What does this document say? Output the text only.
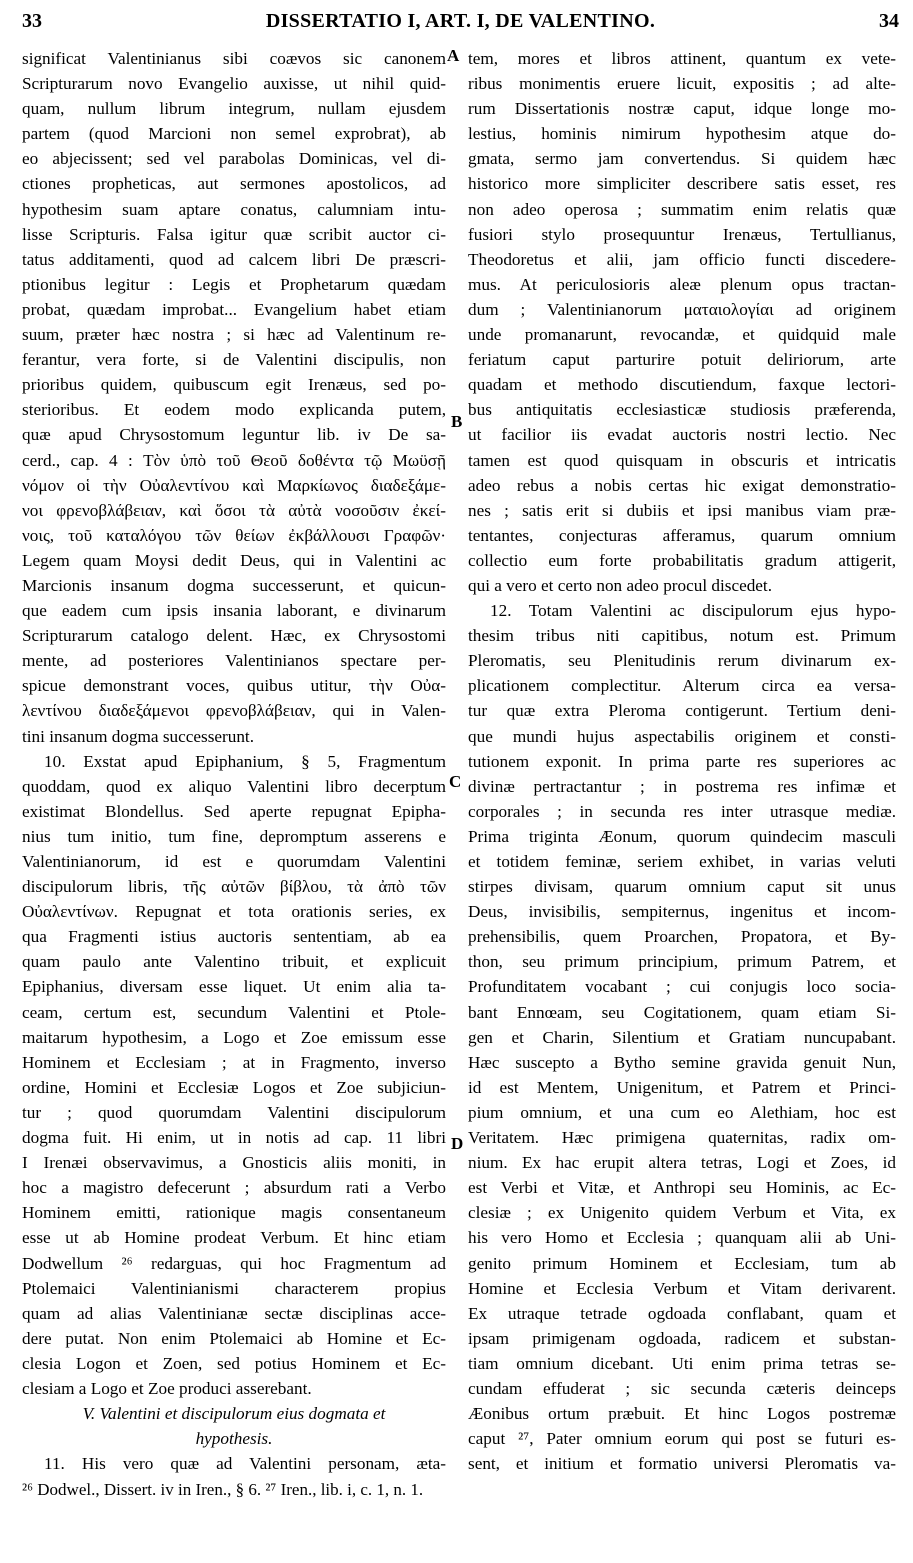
33	DISSERTATIO I, ART. I, DE VALENTINO.	34
significat Valentinianus sibi coævos sic canonem
Scripturarum novo Evangelio auxisse, ut nihil quid-
quam, nullum librum integrum, nullam ejusdem
partem (quod Marcioni non semel exprobrat), ab
eo abjecissent; sed vel parabolas Dominicas, vel di-
ctiones propheticas, aut sermones apostolicos, ad
hypothesim suam aptare conatus, calumniam intu-
lisse Scripturis. Falsa igitur quæ scribit auctor ci-
tatus additamenti, quod ad calcem libri De præscri-
ptionibus legitur : Legis et Prophetarum quædam
probat, quædam improbat... Evangelium habet etiam
suum, præter hæc nostra ; si hæc ad Valentinum re-
ferantur, vera forte, si de Valentini discipulis, non
prioribus quidem, quibuscum egit Irenæus, sed po-
sterioribus. Et eodem modo explicanda putem,
quæ apud Chrysostomum leguntur lib. iv De sa-
cerd., cap. 4 : Τὸν ὑπὸ τοῦ Θεοῦ δοθέντα τῷ Μωϋσῇ
νόμον οἱ τὴν Οὐαλεντίνου καὶ Μαρκίωνος διαδεξάμε-
νοι φρενοβλάβειαν, καὶ ὅσοι τὰ αὐτὰ νοσοῦσιν ἐκεί-
νοις, τοῦ καταλόγου τῶν θείων ἐκβάλλουσι Γραφῶν·
Legem quam Moysi dedit Deus, qui in Valentini ac
Marcionis insanum dogma successerunt, et quicun-
que eadem cum ipsis insania laborant, e divinarum
Scripturarum catalogo delent. Hæc, ex Chrysostomi
mente, ad posteriores Valentinianos spectare per-
spicue demonstrant voces, quibus utitur, τὴν Οὐα-
λεντίνου διαδεξάμενοι φρενοβλάβειαν, qui in Valen-
tini insanum dogma successerunt.
10. Exstat apud Epiphanium, § 5, Fragmentum
quoddam, quod ex aliquo Valentini libro decerptum
existimat Blondellus. Sed aperte repugnat Epipha-
nius tum initio, tum fine, depromptum asserens e
Valentinianorum, id est e quorumdam Valentini
discipulorum libris, τῆς αὐτῶν βίβλου, τὰ ἀπὸ τῶν
Οὐαλεντίνων. Repugnat et tota orationis series, ex
qua Fragmenti istius auctoris sententiam, ab ea
quam paulo ante Valentino tribuit, et explicuit
Epiphanius, diversam esse liquet. Ut enim alia ta-
ceam, certum est, secundum Valentini et Ptole-
maitarum hypothesim, a Logo et Zoe emissum esse
Hominem et Ecclesiam ; at in Fragmento, inverso
ordine, Homini et Ecclesiæ Logos et Zoe subjiciun-
tur ; quod quorumdam Valentini discipulorum
dogma fuit. Hi enim, ut in notis ad cap. 11 libri
I Irenæi observavimus, a Gnosticis aliis moniti, in
hoc a magistro defecerunt ; absurdum rati a Verbo
Hominem emitti, rationique magis consentaneum
esse ut ab Homine prodeat Verbum. Et hinc etiam
Dodwellum ²⁶ redarguas, qui hoc Fragmentum ad
Ptolemaici Valentinianismi characterem propius
quam ad alias Valentinianæ sectæ disciplinas acce-
dere putat. Non enim Ptolemaici ab Homine et Ec-
clesia Logon et Zoen, sed potius Hominem et Ec-
clesiam a Logo et Zoe produci asserebant.
V. Valentini et discipulorum eius dogmata et
hypothesis.
11. His vero quæ ad Valentini personam, æta-
tem, mores et libros attinent, quantum ex vete-
ribus monimentis eruere licuit, expositis ; ad alte-
rum Dissertationis nostræ caput, idque longe mo-
lestius, hominis nimirum hypothesim atque do-
gmata, sermo jam convertendus. Si quidem hæc
historico more simpliciter describere satis esset, res
non adeo operosa ; summatim enim relatis quæ
fusiori stylo prosequuntur Irenæus, Tertullianus,
Theodoretus et alii, jam officio functi discedere-
mus. At periculosioris aleæ plenum opus tractan-
dum ; Valentinianorum ματαιολογίαι ad originem
unde promanarunt, revocandæ, et quidquid male
feriatum caput parturire potuit deliriorum, arte
quadam et methodo discutiendum, faxque lectori-
bus antiquitatis ecclesiasticæ studiosis præferenda,
ut facilior iis evadat auctoris nostri lectio. Nec
tamen est quod quisquam in obscuris et intricatis
adeo rebus a nobis certas hic exigat demonstratio-
nes ; satis erit si dubiis et ipsi manibus viam præ-
tentantes, conjecturas afferamus, quarum omnium
collectio eum forte probabilitatis gradum attigerit,
qui a vero et certo non adeo procul discedet.
12. Totam Valentini ac discipulorum ejus hypo-
thesim tribus niti capitibus, notum est. Primum
Pleromatis, seu Plenitudinis rerum divinarum ex-
plicationem complectitur. Alterum circa ea versa-
tur quæ extra Pleroma contigerunt. Tertium deni-
que mundi hujus aspectabilis originem et consti-
tutionem exponit. In prima parte res superiores ac
divinæ pertractantur ; in postrema res infimæ et
corporales ; in secunda res inter utrasque mediæ.
Prima triginta Æonum, quorum quindecim masculi
et totidem feminæ, seriem exhibet, in varias veluti
stirpes divisam, quarum omnium caput sit unus
Deus, invisibilis, sempiternus, ingenitus et incom-
prehensibilis, quem Proarchen, Propatora, et By-
thon, seu primum principium, primum Patrem, et
Profunditatem vocabant ; cui conjugis loco socia-
bant Ennœam, seu Cogitationem, quam etiam Si-
gen et Charin, Silentium et Gratiam nuncupabant.
Hæc suscepto a Bytho semine gravida genuit Nun,
id est Mentem, Unigenitum, et Patrem et Princi-
pium omnium, et una cum eo Alethiam, hoc est
Veritatem. Hæc primigena quaternitas, radix om-
nium. Ex hac erupit altera tetras, Logi et Zoes, id
est Verbi et Vitæ, et Anthropi seu Hominis, ac Ec-
clesiæ ; ex Unigenito quidem Verbum et Vita, ex
his vero Homo et Ecclesia ; quanquam alii ab Uni-
genito primum Hominem et Ecclesiam, tum ab
Homine et Ecclesia Verbum et Vitam derivarent.
Ex utraque tetrade ogdoada conflabant, quam et
ipsam primigenam ogdoada, radicem et substan-
tiam omnium dicebant. Uti enim prima tetras se-
cundam effuderat ; sic secunda cæteris deinceps
Æonibus ortum præbuit. Et hinc Logos postremæ
caput ²⁷, Pater omnium eorum qui post se futuri es-
sent, et initium et formatio universi Pleromatis va-
A
B
C
D
²⁶ Dodwel., Dissert. iv in Iren., § 6. ²⁷ Iren., lib. i, c. 1, n. 1.
